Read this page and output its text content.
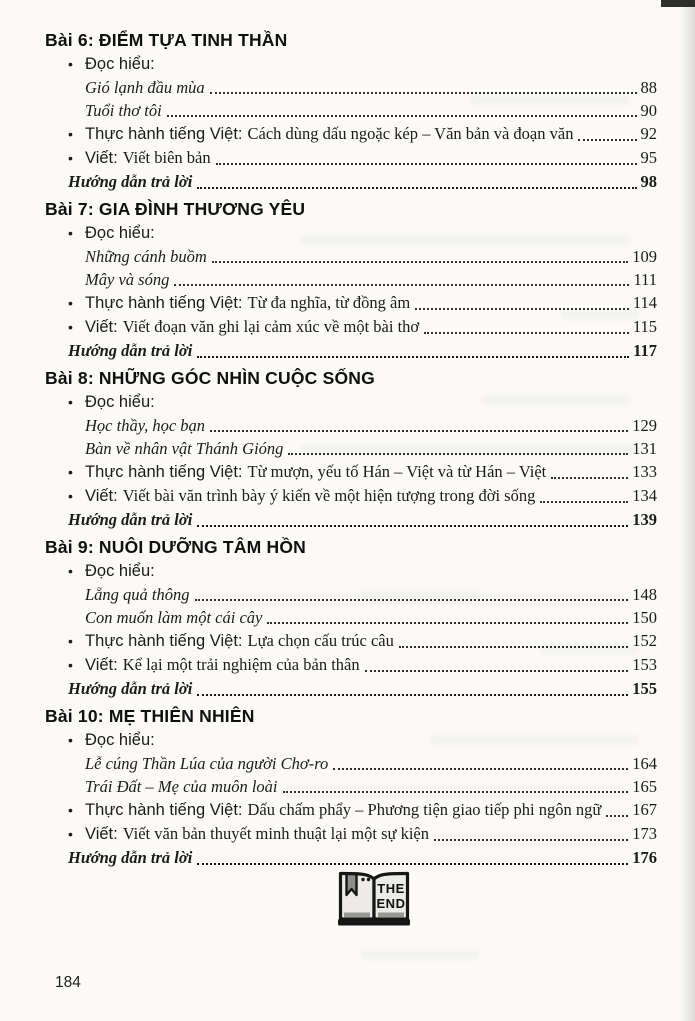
Bài 6: ĐIỂM TỰA TINH THẦN
• Đọc hiểu:
Gió lạnh đầu mùa	88
Tuổi thơ tôi	90
• Thực hành tiếng Việt: Cách dùng dấu ngoặc kép – Văn bản và đoạn văn	92
• Viết: Viết biên bản	95
Hướng dẫn trả lời	98
Bài 7: GIA ĐÌNH THƯƠNG YÊU
• Đọc hiểu:
Những cánh buồm	109
Mây và sóng	111
• Thực hành tiếng Việt: Từ đa nghĩa, từ đồng âm	114
• Viết: Viết đoạn văn ghi lại cảm xúc về một bài thơ	115
Hướng dẫn trả lời	117
Bài 8: NHỮNG GÓC NHÌN CUỘC SỐNG
• Đọc hiểu:
Học thầy, học bạn	129
Bàn về nhân vật Thánh Gióng	131
• Thực hành tiếng Việt: Từ mượn, yếu tố Hán – Việt và từ Hán – Việt	133
• Viết: Viết bài văn trình bày ý kiến về một hiện tượng trong đời sống	134
Hướng dẫn trả lời	139
Bài 9: NUÔI DƯỠNG TÂM HỒN
• Đọc hiểu:
Lẵng quả thông	148
Con muốn làm một cái cây	150
• Thực hành tiếng Việt: Lựa chọn cấu trúc câu	152
• Viết: Kể lại một trải nghiệm của bản thân	153
Hướng dẫn trả lời	155
Bài 10: MẸ THIÊN NHIÊN
• Đọc hiểu:
Lễ cúng Thần Lúa của người Chơ-ro	164
Trái Đất – Mẹ của muôn loài	165
• Thực hành tiếng Việt: Dấu chấm phẩy – Phương tiện giao tiếp phi ngôn ngữ 167
• Viết: Viết văn bản thuyết minh thuật lại một sự kiện	173
Hướng dẫn trả lời	176
THE
END
184
